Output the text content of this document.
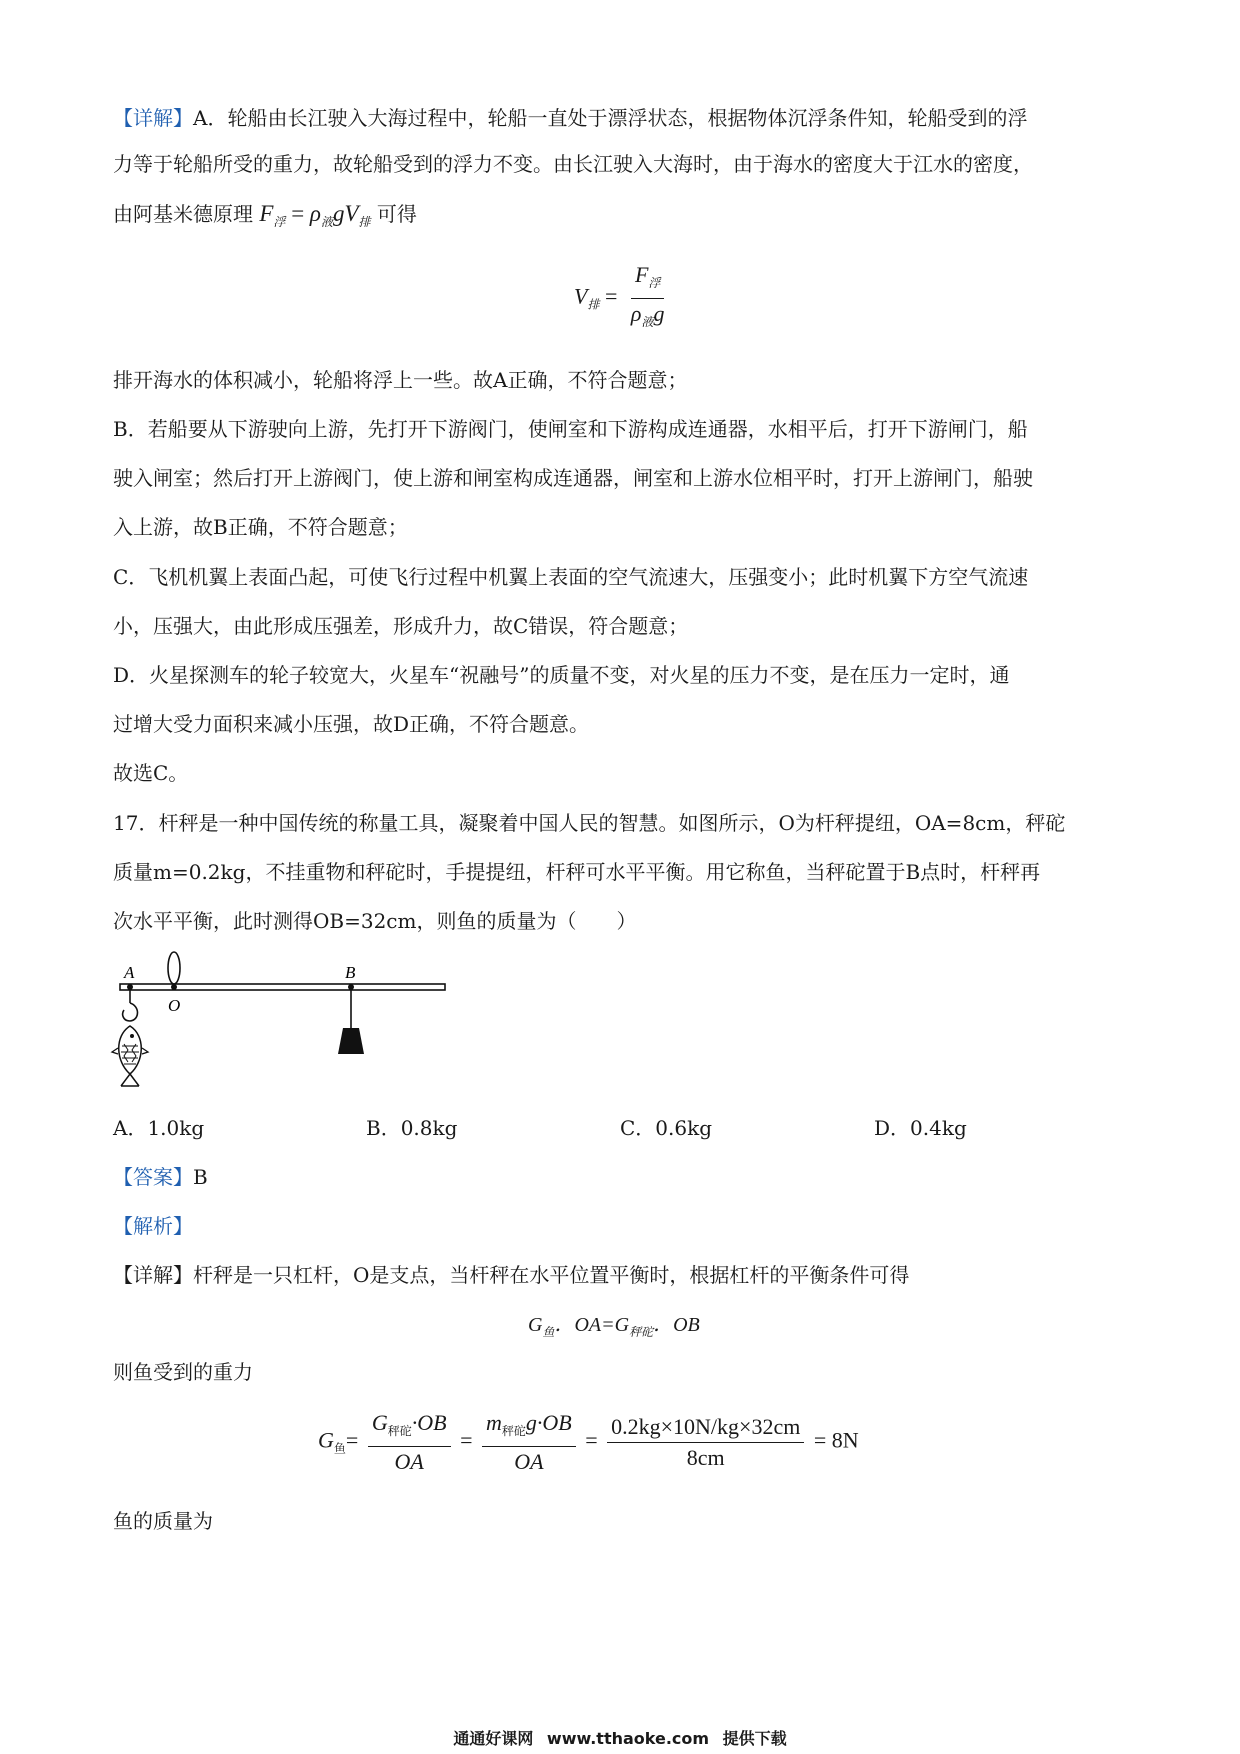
【详解】A．轮船由长江驶入大海过程中，轮船一直处于漂浮状态，根据物体沉浮条件知，轮船受到的浮
力等于轮船所受的重力，故轮船受到的浮力不变。由长江驶入大海时，由于海水的密度大于江水的密度，
由阿基米德原理 $F_浮 = \rho_液gV_排$ 可得
$V_排 = \frac{F_浮}{\rho_液g}$
排开海水的体积减小，轮船将浮上一些。故A正确，不符合题意；
B．若船要从下游驶向上游，先打开下游阀门，使闸室和下游构成连通器，水相平后，打开下游闸门，船
驶入闸室；然后打开上游阀门，使上游和闸室构成连通器，闸室和上游水位相平时，打开上游闸门，船驶
入上游，故B正确，不符合题意；
C．飞机机翼上表面凸起，可使飞行过程中机翼上表面的空气流速大，压强变小；此时机翼下方空气流速
小，压强大，由此形成压强差，形成升力，故C错误，符合题意；
D．火星探测车的轮子较宽大，火星车“祝融号”的质量不变，对火星的压力不变，是在压力一定时，通
过增大受力面积来减小压强，故D正确，不符合题意。
故选C。
17．杆秤是一种中国传统的称量工具，凝聚着中国人民的智慧。如图所示，O为杆秤提纽，OA=8cm，秤砣
质量m=0.2kg，不挂重物和秤砣时，手提提纽，杆秤可水平平衡。用它称鱼，当秤砣置于B点时，杆秤再
次水平平衡，此时测得OB=32cm，则鱼的质量为（　　）
A
O
B
A．1.0kg	B．0.8kg	C．0.6kg	D．0.4kg
【答案】B
【解析】
【详解】杆秤是一只杠杆，O是支点，当杆秤在水平位置平衡时，根据杠杆的平衡条件可得
$G_鱼$．$OA=G_{秤砣}$．OB
则鱼受到的重力
$G_鱼= \frac{G_{秤砣}\cdot OB}{OA} = \frac{m_{秤砣}g\cdot OB}{OA} = \frac{0.2kg\times 10N/kg\times 32cm}{8cm} = 8N$
鱼的质量为
通通好课网 www.tthaoke.com 提供下载
